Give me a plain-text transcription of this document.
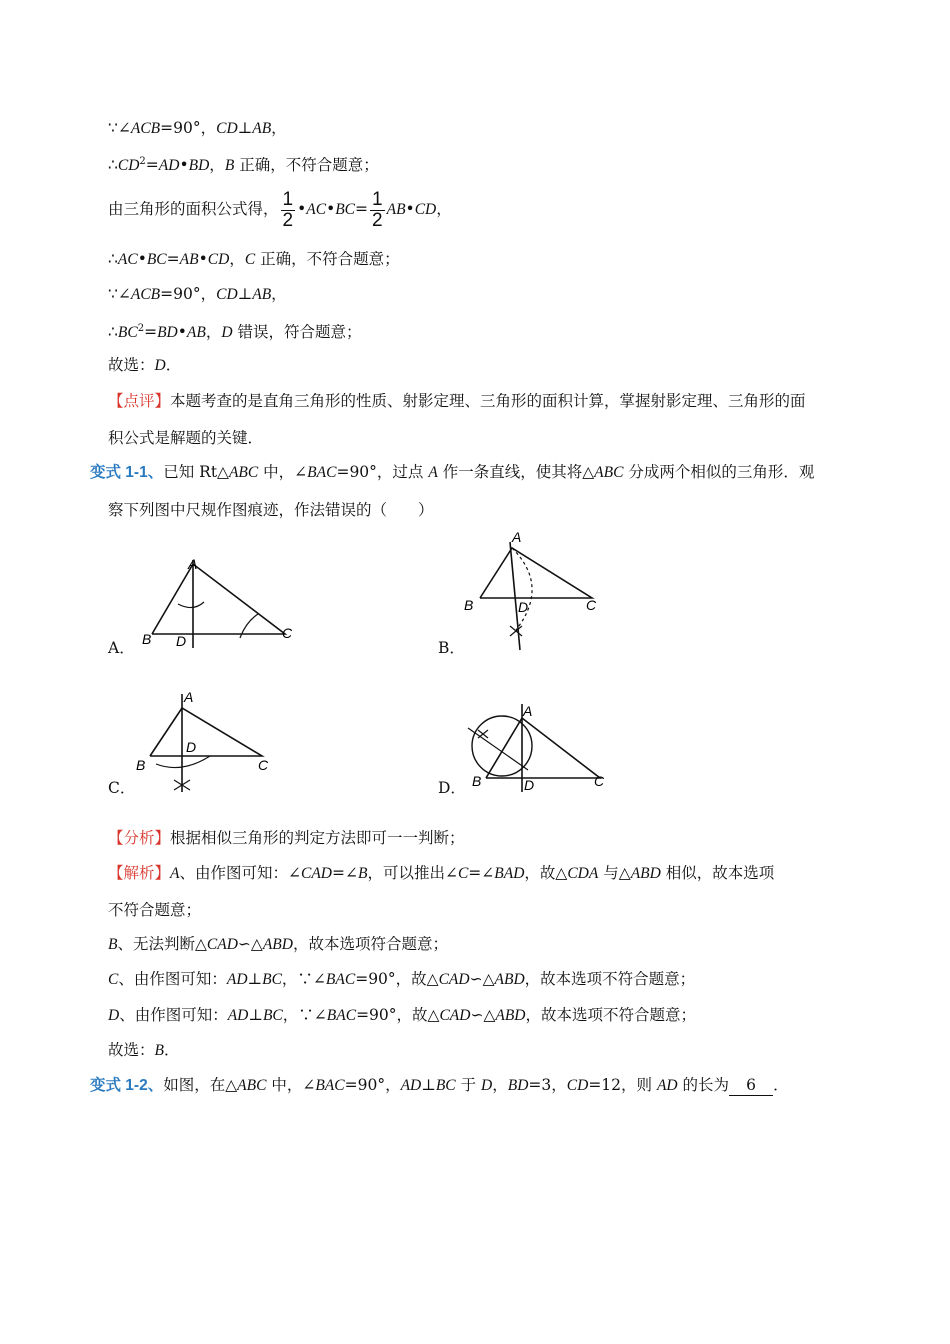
∵∠ACB=90°，CD⊥AB，
$\therefore CD^2=AD•BD$，B 正确，不符合题意；
由三角形的面积公式得， $\frac{1}{2}$ •AC•BC= $\frac{1}{2}$ AB•CD，
∴AC•BC=AB•CD，C 正确，不符合题意；
∵∠ACB=90°，CD⊥AB，
$\therefore BC^2=BD•AB$，D 错误，符合题意；
故选：D．
【点评】本题考查的是直角三角形的性质、射影定理、三角形的面积计算，掌握射影定理、三角形的面
积公式是解题的关键．
变式 1-1、已知 Rt△ABC 中，∠BAC=90°，过点 A 作一条直线，使其将△ABC 分成两个相似的三角形．观
察下列图中尺规作图痕迹，作法错误的（　　）
A
B D	C
A．
A
B	D	C
B．
A
B
D
C
C．
A
B	D	C
D．
【分析】根据相似三角形的判定方法即可一一判断；
【解析】A、由作图可知：∠CAD=∠B，可以推出∠C=∠BAD，故△CDA 与△ABD 相似，故本选项
不符合题意；
B、无法判断△CAD∽△ABD，故本选项符合题意；
C、由作图可知：AD⊥BC，∵∠BAC=90°，故△CAD∽△ABD，故本选项不符合题意；
D、由作图可知：AD⊥BC，∵∠BAC=90°，故△CAD∽△ABD，故本选项不符合题意；
故选：B．
变式 1-2、如图，在△ABC 中，∠BAC=90°，AD⊥BC 于 D，BD=3，CD=12，则 AD 的长为 6 ．
